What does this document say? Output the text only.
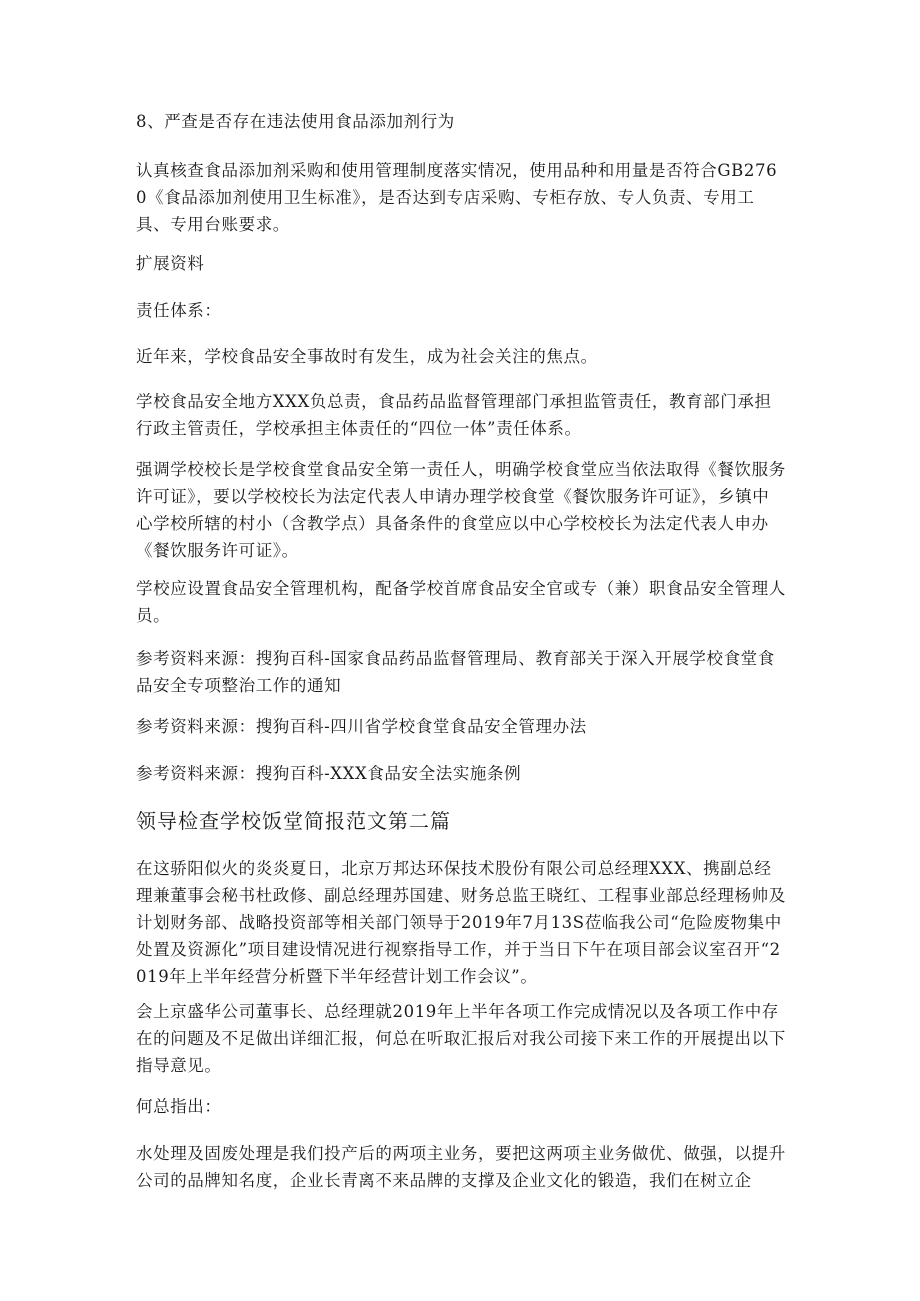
8、严查是否存在违法使用食品添加剂行为

认真核查食品添加剂采购和使用管理制度落实情况，使用品种和用量是否符合GB2760《食品添加剂使用卫生标准》，是否达到专店采购、专柜存放、专人负责、专用工具、专用台账要求。

扩展资料

责任体系：

近年来，学校食品安全事故时有发生，成为社会关注的焦点。

学校食品安全地方XXX负总责，食品药品监督管理部门承担监管责任，教育部门承担行政主管责任，学校承担主体责任的“四位一体”责任体系。

强调学校校长是学校食堂食品安全第一责任人，明确学校食堂应当依法取得《餐饮服务许可证》，要以学校校长为法定代表人申请办理学校食堂《餐饮服务许可证》，乡镇中心学校所辖的村小（含教学点）具备条件的食堂应以中心学校校长为法定代表人申办《餐饮服务许可证》。

学校应设置食品安全管理机构，配备学校首席食品安全官或专（兼）职食品安全管理人员。

参考资料来源：搜狗百科-国家食品药品监督管理局、教育部关于深入开展学校食堂食品安全专项整治工作的通知

参考资料来源：搜狗百科-四川省学校食堂食品安全管理办法

参考资料来源：搜狗百科-XXX食品安全法实施条例

领导检查学校饭堂简报范文第二篇

在这骄阳似火的炎炎夏日，北京万邦达环保技术股份有限公司总经理XXX、携副总经理兼董事会秘书杜政修、副总经理苏国建、财务总监王晓红、工程事业部总经理杨帅及计划财务部、战略投资部等相关部门领导于2019年7月13S莅临我公司“危险废物集中处置及资源化”项目建设情况进行视察指导工作，并于当日下午在项目部会议室召开“2019年上半年经营分析暨下半年经营计划工作会议”。

会上京盛华公司董事长、总经理就2019年上半年各项工作完成情况以及各项工作中存在的问题及不足做出详细汇报，何总在听取汇报后对我公司接下来工作的开展提出以下指导意见。

何总指出：

水处理及固废处理是我们投产后的两项主业务，要把这两项主业务做优、做强，以提升公司的品牌知名度，企业长青离不来品牌的支撑及企业文化的锻造，我们在树立企
